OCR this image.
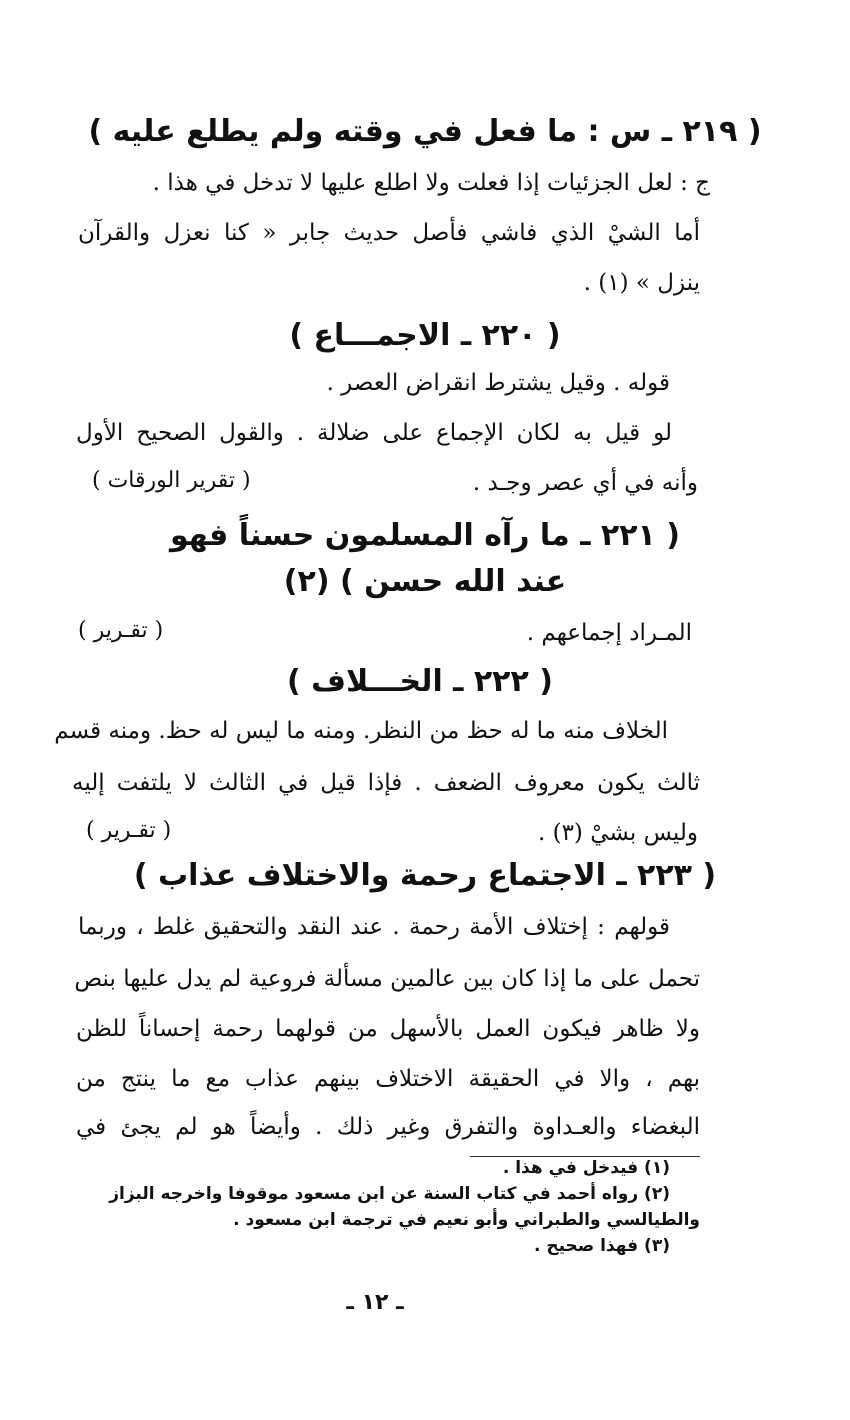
( ٢١٩ ـ س : ما فعل في وقته ولم يطلع عليه )
ج : لعل الجزئيات إذا فعلت ولا اطلع عليها لا تدخل في هذا .
أما الشيْ الذي فاشي فأصل حديث جابر « كنا نعزل والقرآن
ينزل » (١) .
( ٢٢٠ ـ الاجمـــاع )
قوله . وقيل يشترط انقراض العصر .
لو قيل به لكان الإجماع على ضلالة . والقول الصحيح الأول
وأنه في أي عصر وجـد .
( تقرير الورقات )
( ٢٢١ ـ ما رآه المسلمون حسناً فهو
عند الله حسن ) (٢)
المـراد إجماعهم .
( تقـرير )
( ٢٢٢ ـ الخـــلاف )
الخلاف منه ما له حظ من النظر. ومنه ما ليس له حظ. ومنه قسم
ثالث يكون معروف الضعف . فإذا قيل في الثالث لا يلتفت إليه
وليس بشيْ (٣) .
( تقـرير )
( ٢٢٣ ـ الاجتماع رحمة والاختلاف عذاب )
قولهم : إختلاف الأمة رحمة . عند النقد والتحقيق غلط ، وربما
تحمل على ما إذا كان بين عالمين مسألة فروعية لم يدل عليها بنص
ولا ظاهر فيكون العمل بالأسهل من قولهما رحمة إحساناً للظن
بهم ، والا في الحقيقة الاختلاف بينهم عذاب مع ما ينتج من
البغضاء والعـداوة والتفرق وغير ذلك . وأيضاً هو لم يجئ في
(١) فيدخل في هذا .
(٢) رواه أحمد في كتاب السنة عن ابن مسعود موقوفا واخرجه البزاز
والطيالسي والطبراني وأبو نعيم في ترجمة ابن مسعود .
(٣) فهذا صحيح .
ـ ١٢ ـ
